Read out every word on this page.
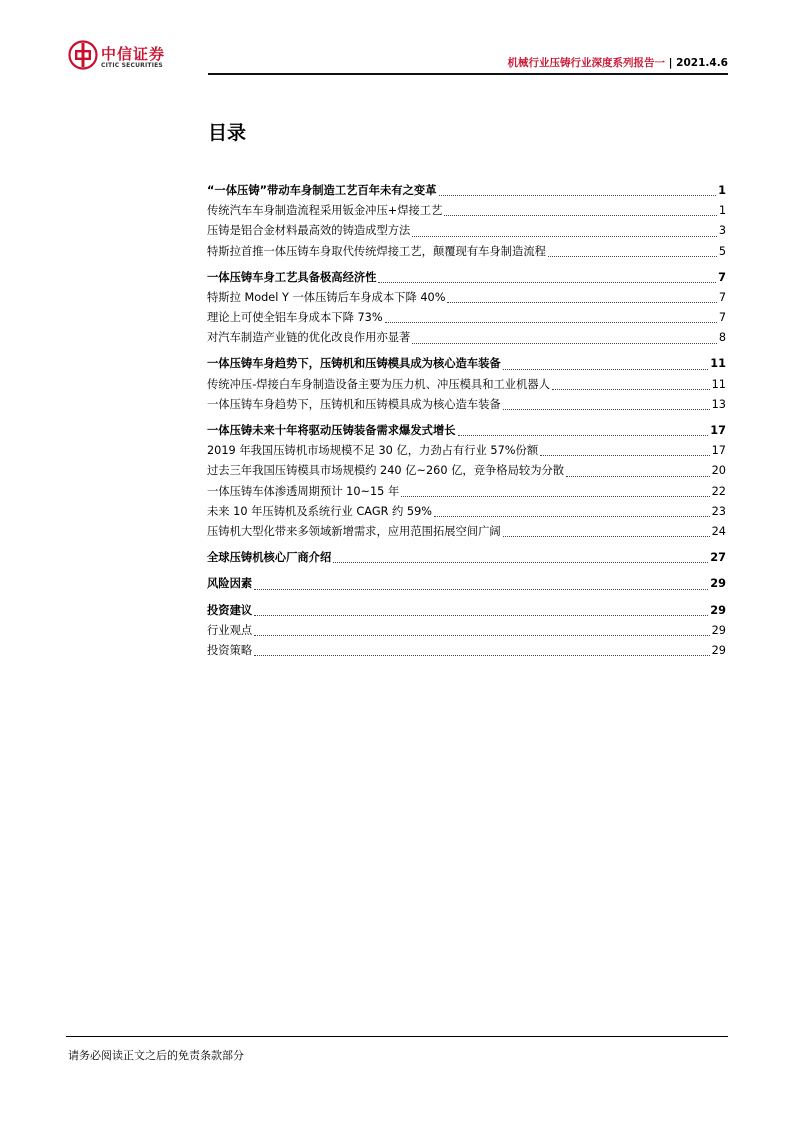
中信证券
CITIC SECURITIES	机械行业压铸行业深度系列报告一 | 2021.4.6
目录
“一体压铸”带动车身制造工艺百年未有之变革	1
传统汽车车身制造流程采用钣金冲压+焊接工艺	1
压铸是铝合金材料最高效的铸造成型方法	3
特斯拉首推一体压铸车身取代传统焊接工艺，颠覆现有车身制造流程	5
一体压铸车身工艺具备极高经济性	7
特斯拉 Model Y 一体压铸后车身成本下降 40%	7
理论上可使全铝车身成本下降 73%	7
对汽车制造产业链的优化改良作用亦显著	8
一体压铸车身趋势下，压铸机和压铸模具成为核心造车装备	11
传统冲压-焊接白车身制造设备主要为压力机、冲压模具和工业机器人	11
一体压铸车身趋势下，压铸机和压铸模具成为核心造车装备	13
一体压铸未来十年将驱动压铸装备需求爆发式增长	17
2019 年我国压铸机市场规模不足 30 亿，力劲占有行业 57%份额	17
过去三年我国压铸模具市场规模约 240 亿~260 亿，竞争格局较为分散	20
一体压铸车体渗透周期预计 10~15 年	22
未来 10 年压铸机及系统行业 CAGR 约 59%	23
压铸机大型化带来多领域新增需求，应用范围拓展空间广阔	24
全球压铸机核心厂商介绍	27
风险因素	29
投资建议	29
行业观点	29
投资策略	29
请务必阅读正文之后的免责条款部分
